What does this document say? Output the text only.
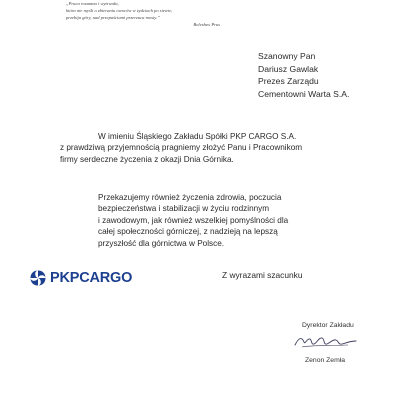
„Praca rozumna i wytrwała,
która nie myśli o zbieraniu owoców w żydciach po siewie,
przebija góry, nad przepaściami przerzuca mosty.”
Bolesław Prus
Szanowny Pan
Dariusz Gawlak
Prezes Zarządu
Cementowni Warta S.A.
W imieniu Śląskiego Zakładu Spółki PKP CARGO S.A.
z prawdziwą przyjemnością pragniemy złożyć Panu i Pracownikom
firmy serdeczne życzenia z okazji Dnia Górnika.
Przekazujemy również życzenia zdrowia, poczucia
bezpieczeństwa i stabilizacji w życiu rodzinnym
i zawodowym, jak również wszelkiej pomyślności dla
całej społeczności górniczej, z nadzieją na lepszą
przyszłość dla górnictwa w Polsce.
PKPCARGO	Z wyrazami szacunku
Dyrektor Zakładu
Zenon Zemła
